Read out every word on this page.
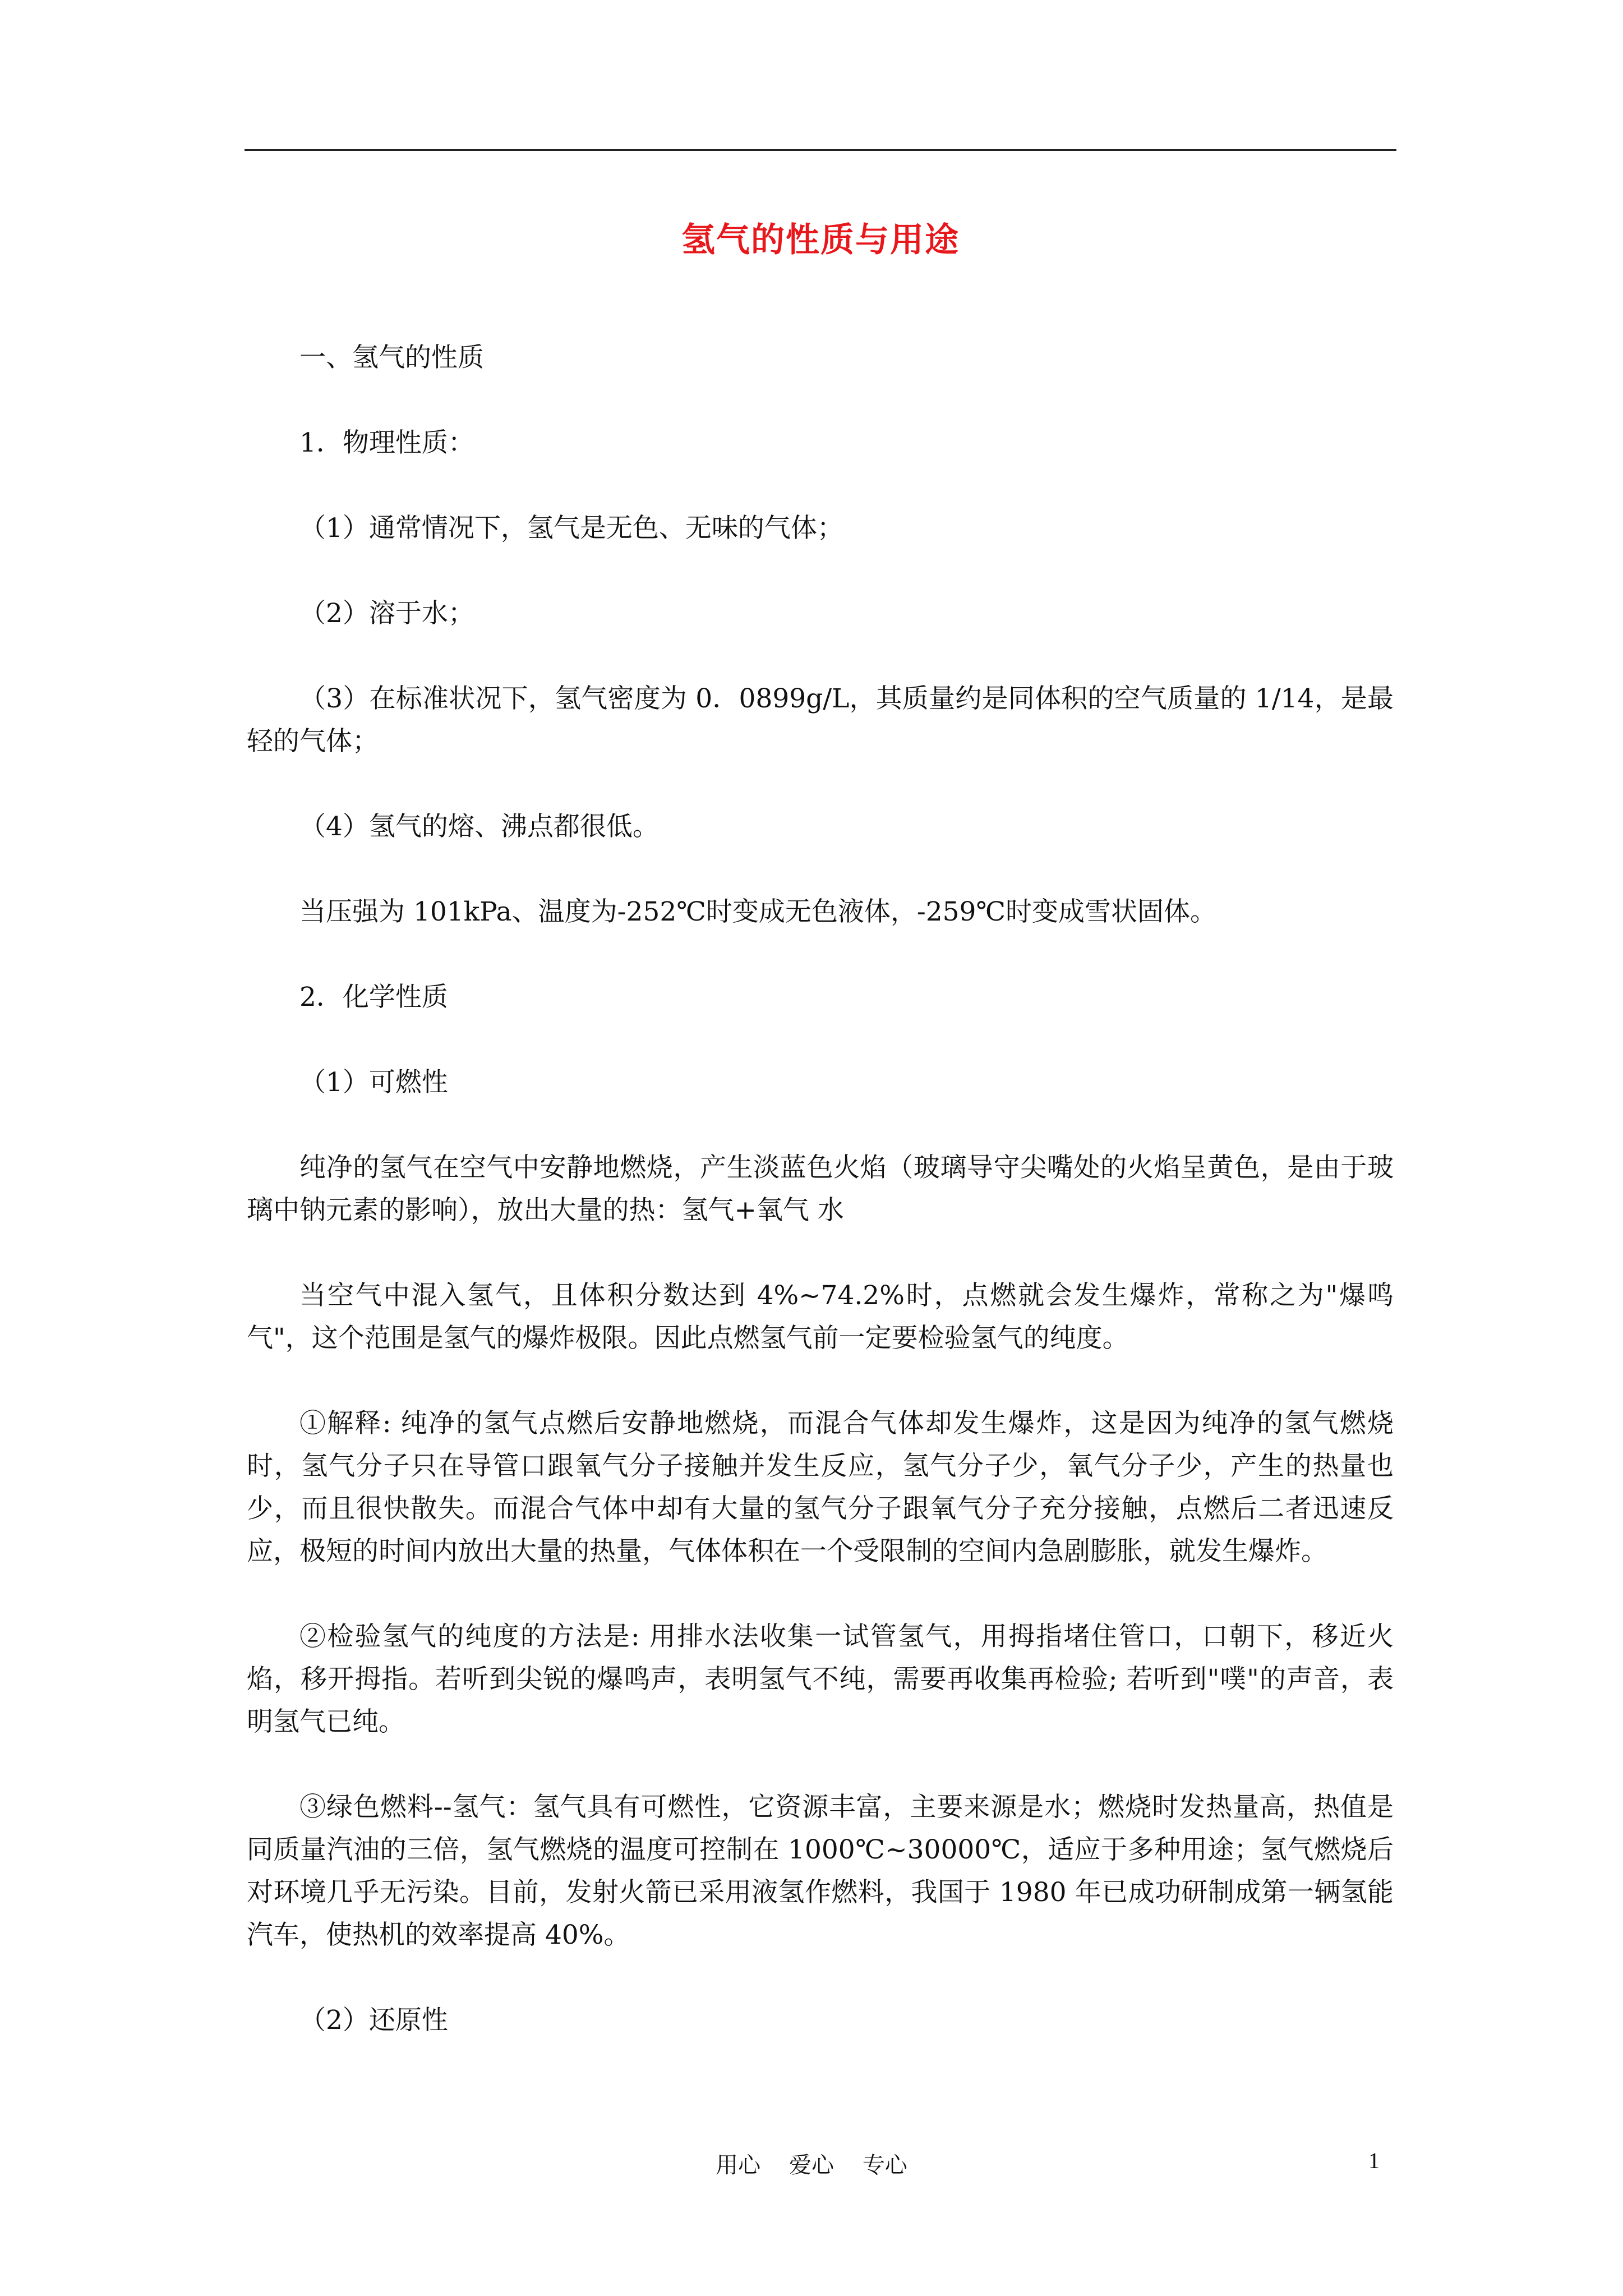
氢气的性质与用途

一、氢气的性质

1．物理性质：

（1）通常情况下，氢气是无色、无味的气体；

（2）溶于水；

（3）在标准状况下，氢气密度为 0．0899g/L，其质量约是同体积的空气质量的 1/14，是最轻的气体；

（4）氢气的熔、沸点都很低。

当压强为 101kPa、温度为-252℃时变成无色液体，-259℃时变成雪状固体。

2．化学性质

（1）可燃性

纯净的氢气在空气中安静地燃烧，产生淡蓝色火焰（玻璃导守尖嘴处的火焰呈黄色，是由于玻璃中钠元素的影响），放出大量的热：氢气+氧气 水

当空气中混入氢气，且体积分数达到 4%~74.2%时，点燃就会发生爆炸，常称之为"爆鸣气"，这个范围是氢气的爆炸极限。因此点燃氢气前一定要检验氢气的纯度。

①解释: 纯净的氢气点燃后安静地燃烧，而混合气体却发生爆炸，这是因为纯净的氢气燃烧时，氢气分子只在导管口跟氧气分子接触并发生反应，氢气分子少，氧气分子少，产生的热量也少，而且很快散失。而混合气体中却有大量的氢气分子跟氧气分子充分接触，点燃后二者迅速反应，极短的时间内放出大量的热量，气体体积在一个受限制的空间内急剧膨胀，就发生爆炸。

②检验氢气的纯度的方法是: 用排水法收集一试管氢气，用拇指堵住管口，口朝下，移近火焰，移开拇指。若听到尖锐的爆鸣声，表明氢气不纯，需要再收集再检验; 若听到"噗"的声音，表明氢气已纯。

③绿色燃料--氢气：氢气具有可燃性，它资源丰富，主要来源是水；燃烧时发热量高，热值是同质量汽油的三倍，氢气燃烧的温度可控制在 1000℃~30000℃，适应于多种用途；氢气燃烧后对环境几乎无污染。目前，发射火箭已采用液氢作燃料，我国于 1980 年已成功研制成第一辆氢能汽车，使热机的效率提高 40%。

（2）还原性

用心    爱心    专心	1
